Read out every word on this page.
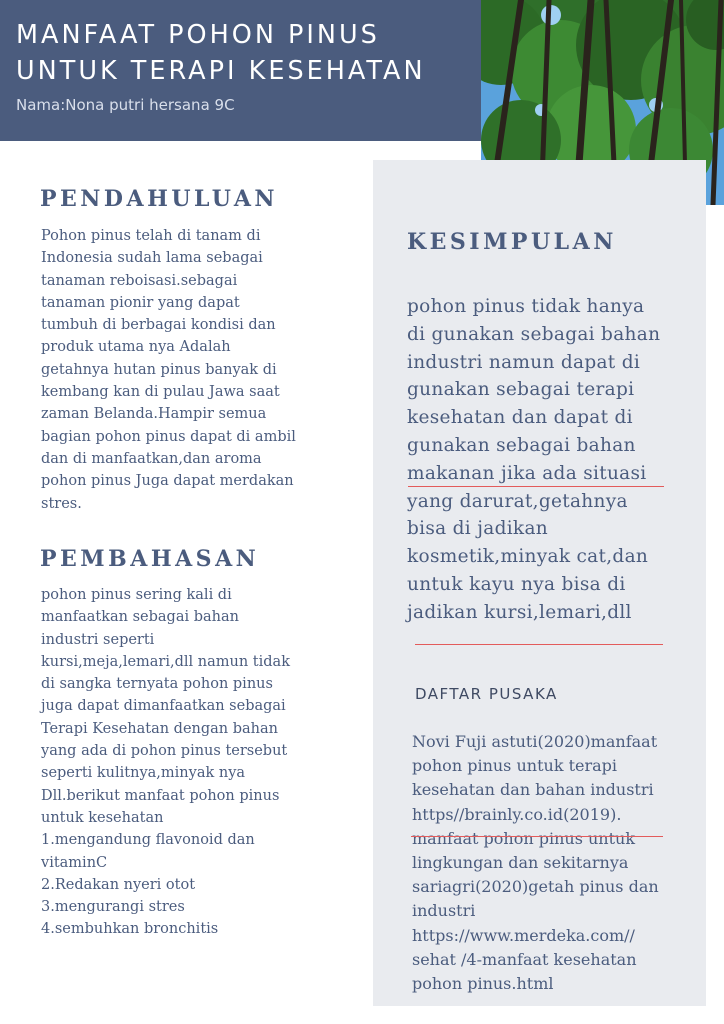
MANFAAT POHON PINUS
UNTUK TERAPI KESEHATAN
Nama:Nona putri hersana 9C
PENDAHULUAN

Pohon pinus telah di tanam di
Indonesia sudah lama sebagai
tanaman reboisasi.sebagai
tanaman pionir yang dapat
tumbuh di berbagai kondisi dan
produk utama nya Adalah
getahnya hutan pinus banyak di
kembang kan di pulau Jawa saat
zaman Belanda.Hampir semua
bagian pohon pinus dapat di ambil
dan di manfaatkan,dan aroma
pohon pinus Juga dapat merdakan
stres.

PEMBAHASAN

pohon pinus sering kali di
manfaatkan sebagai bahan
industri seperti
kursi,meja,lemari,dll namun tidak
di sangka ternyata pohon pinus
juga dapat dimanfaatkan sebagai
Terapi Kesehatan dengan bahan
yang ada di pohon pinus tersebut
seperti kulitnya,minyak nya
Dll.berikut manfaat pohon pinus
untuk kesehatan
1.mengandung flavonoid dan
vitaminC
2.Redakan nyeri otot
3.mengurangi stres
4.sembuhkan bronchitis

KESIMPULAN

pohon pinus tidak hanya
di gunakan sebagai bahan
industri namun dapat di
gunakan sebagai terapi
kesehatan dan dapat di
gunakan sebagai bahan
makanan jika ada situasi
yang darurat,getahnya
bisa di jadikan
kosmetik,minyak cat,dan
untuk kayu nya bisa di
jadikan kursi,lemari,dll

DAFTAR PUSAKA

Novi Fuji astuti(2020)manfaat
pohon pinus untuk terapi
kesehatan dan bahan industri
https//brainly.co.id(2019).
manfaat pohon pinus untuk
lingkungan dan sekitarnya
sariagri(2020)getah pinus dan
industri
https://www.merdeka.com//
sehat /4-manfaat kesehatan
pohon pinus.html
